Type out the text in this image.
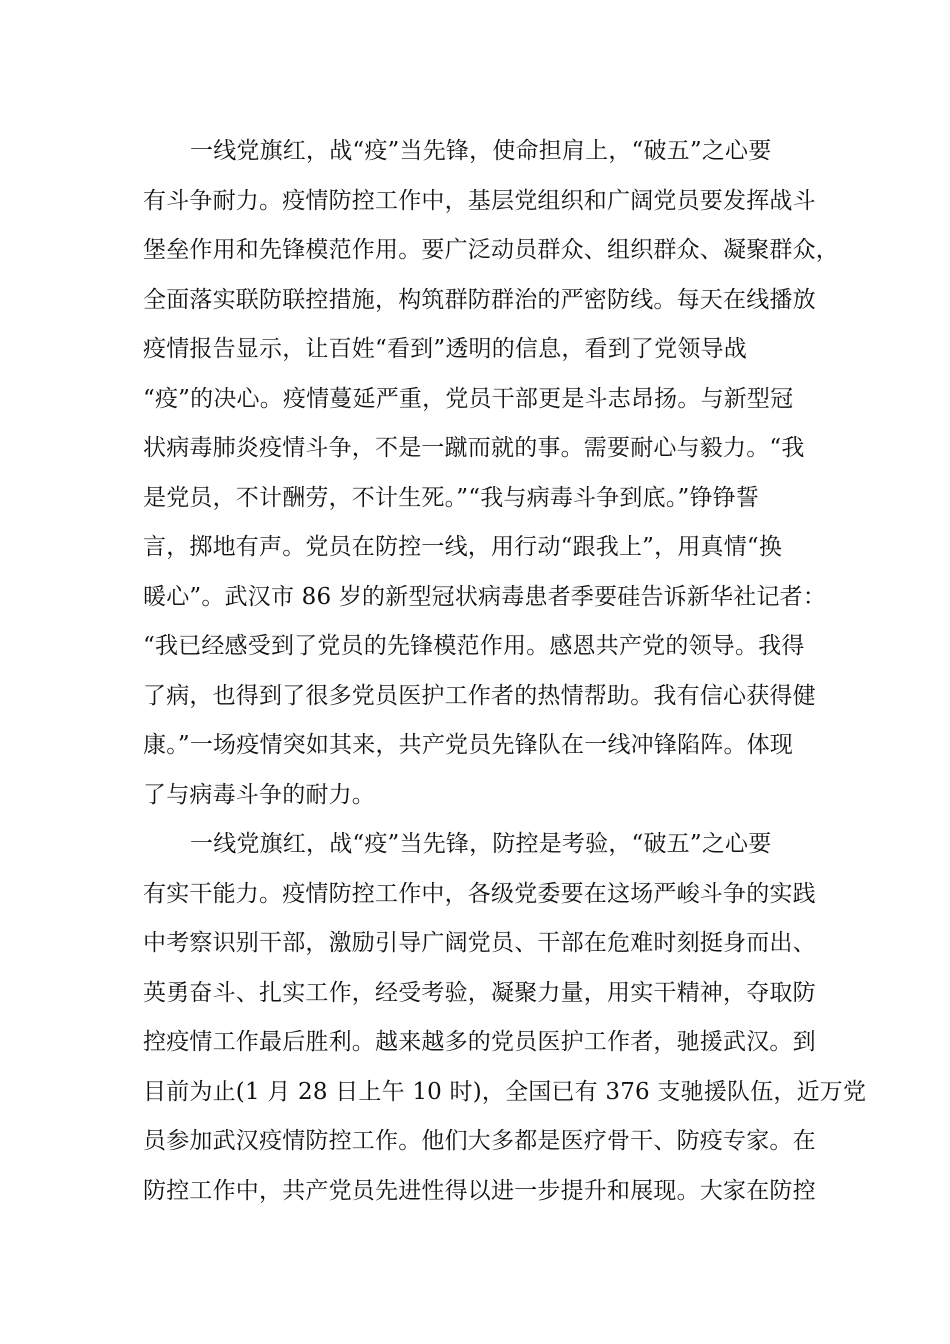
一线党旗红，战“疫”当先锋，使命担肩上，“破五”之心要
有斗争耐力。疫情防控工作中，基层党组织和广阔党员要发挥战斗
堡垒作用和先锋模范作用。要广泛动员群众、组织群众、凝聚群众，
全面落实联防联控措施，构筑群防群治的严密防线。每天在线播放
疫情报告显示，让百姓“看到”透明的信息，看到了党领导战
“疫”的决心。疫情蔓延严重，党员干部更是斗志昂扬。与新型冠
状病毒肺炎疫情斗争，不是一蹴而就的事。需要耐心与毅力。“我
是党员，不计酬劳，不计生死。”“我与病毒斗争到底。”铮铮誓
言，掷地有声。党员在防控一线，用行动“跟我上”，用真情“换
暖心”。武汉市 86 岁的新型冠状病毒患者季要硅告诉新华社记者：
“我已经感受到了党员的先锋模范作用。感恩共产党的领导。我得
了病，也得到了很多党员医护工作者的热情帮助。我有信心获得健
康。”一场疫情突如其来，共产党员先锋队在一线冲锋陷阵。体现
了与病毒斗争的耐力。
一线党旗红，战“疫”当先锋，防控是考验，“破五”之心要
有实干能力。疫情防控工作中，各级党委要在这场严峻斗争的实践
中考察识别干部，激励引导广阔党员、干部在危难时刻挺身而出、
英勇奋斗、扎实工作，经受考验，凝聚力量，用实干精神，夺取防
控疫情工作最后胜利。越来越多的党员医护工作者，驰援武汉。到
目前为止(1 月 28 日上午 10 时)，全国已有 376 支驰援队伍，近万党
员参加武汉疫情防控工作。他们大多都是医疗骨干、防疫专家。在
防控工作中，共产党员先进性得以进一步提升和展现。大家在防控
